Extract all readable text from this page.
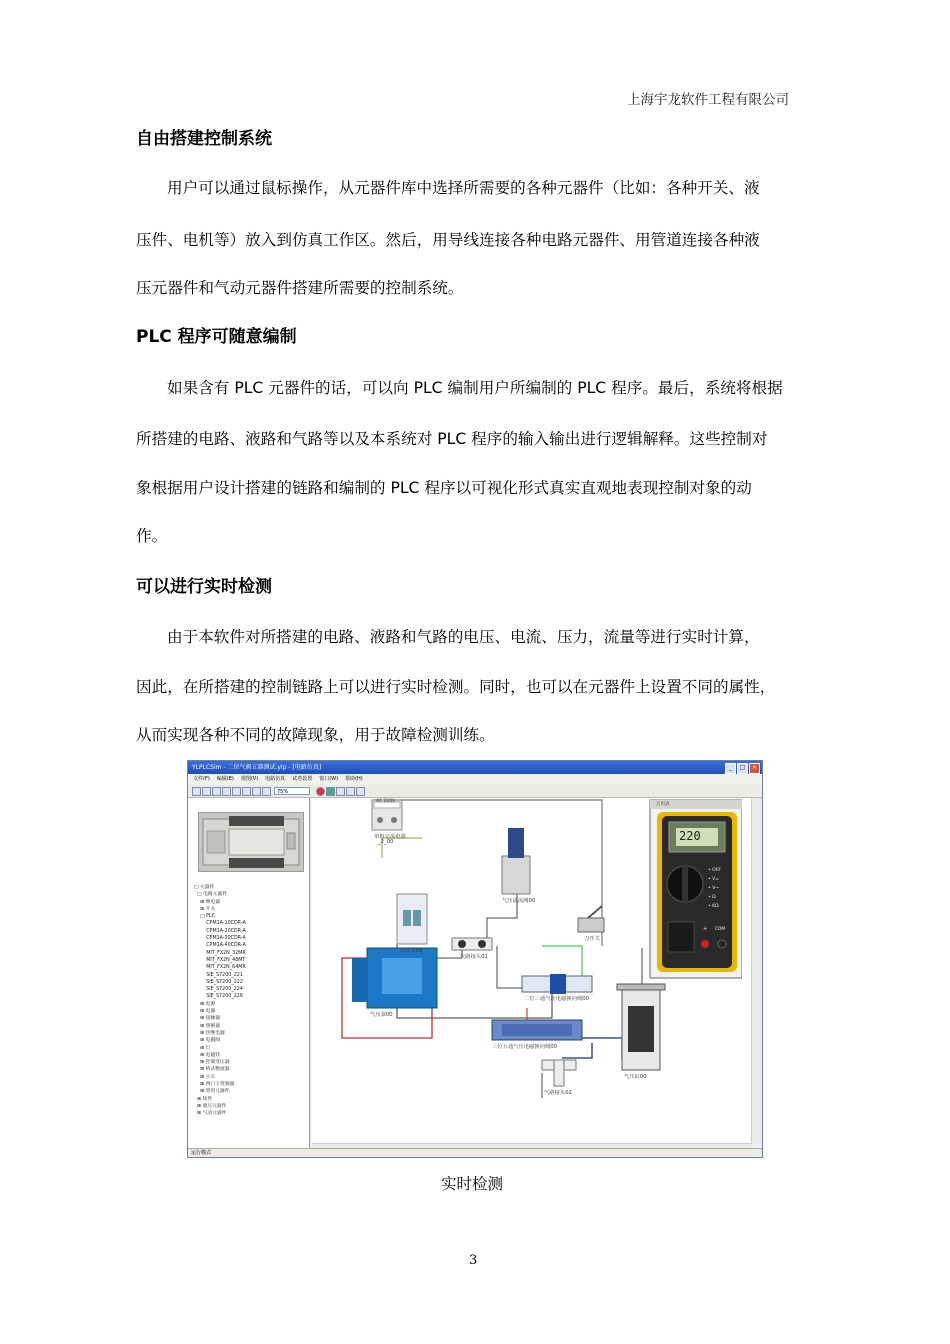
上海宇龙软件工程有限公司
自由搭建控制系统
用户可以通过鼠标操作，从元器件库中选择所需要的各种元器件（比如：各种开关、液
压件、电机等）放入到仿真工作区。然后，用导线连接各种电路元器件、用管道连接各种液
压元器件和气动元器件搭建所需要的控制系统。
PLC 程序可随意编制
如果含有 PLC 元器件的话，可以向 PLC 编制用户所编制的 PLC 程序。最后，系统将根据
所搭建的电路、液路和气路等以及本系统对 PLC 程序的输入输出进行逻辑解释。这些控制对
象根据用户设计搭建的链路和编制的 PLC 程序以可视化形式真实直观地表现控制对象的动
作。
可以进行实时检测
由于本软件对所搭建的电路、液路和气路的电压、电流、压力，流量等进行实时计算，
因此，在所搭建的控制链路上可以进行实时检测。同时，也可以在元器件上设置不同的属性，
从而实现各种不同的故障现象，用于故障检测训练。
YLPLCSim - 二位气阀五器测试.ylp - [电路仿真]	_	□	×
文件(F) 编辑(E) 视图(V) 电路仿真 试卷设置 窗口(W) 帮助(H)
75%
□ 元器件
□ 电路元器件
⊞ 继电器
⊞ 开关
□ PLC
CPM1A-10CDR-A
CPM1A-20CDR-A
CPM1A-30CDR-A
CPM1A-40CDR-A
MIT_FX2N_32MR
MIT_FX2N_48MT
MIT_FX2N_64MR
SIE_S7200_221
SIE_S7200_222
SIE_S7200_224
SIE_S7200_226
⊞ 电源
⊞ 电器
⊞ 接触器
⊞ 熔断器
⊞ 热继电器
⊞ 电磁阀
⊞ 灯
⊞ 电磁铁
⊞ 控制变压器
⊞ 桥式整流器
⊞ 小车
⊞ 西门子变频器
⊞ 常用元器件
⊞ 软件
⊞ 液压元器件
⊞ 气动元器件
AC 220V
单相交流电源
_2_00
气压溢流阀00
刀开关00
气路接头01
刀开关
二位三通气压电磁换向阀00
气压泵00
三位五通气压电磁换向阀00
气压缸00
气路接头02
万用表
220
• OFF
• V=
• V~
• Ω
• KΩ
+ COM
运行模式
实时检测
3
